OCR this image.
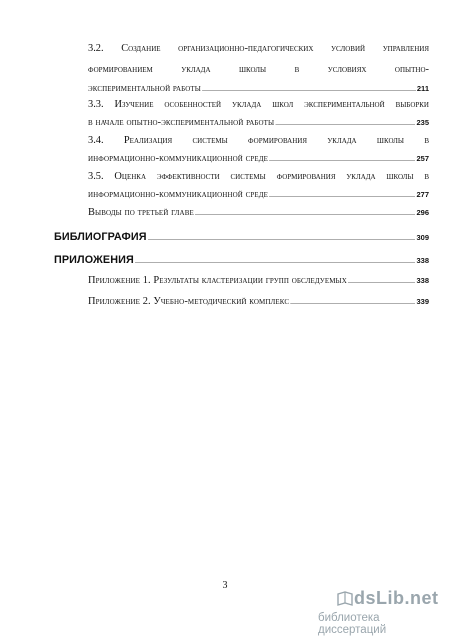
3.2. Создание организационно-педагогических условий управления
формированием уклада школы в условиях опытно-
экспериментальной работы .....	211
3.3. Изучение особенностей уклада школ экспериментальной выборки
в начале опытно-экспериментальной работы .....	235
3.4. Реализация системы формирования уклада школы в
информационно-коммуникационной среде .....	257
3.5. Оценка эффективности системы формирования уклада школы в
информационно-коммуникационной среде .....	277
Выводы по третьей главе .....	296
БИБЛИОГРАФИЯ .....	309
ПРИЛОЖЕНИЯ .....	338
Приложение 1. Результаты кластеризации групп обследуемых .....	338
Приложение 2. Учебно-методический комплекс .....	339
3
dsLib.net
библиотека диссертаций
